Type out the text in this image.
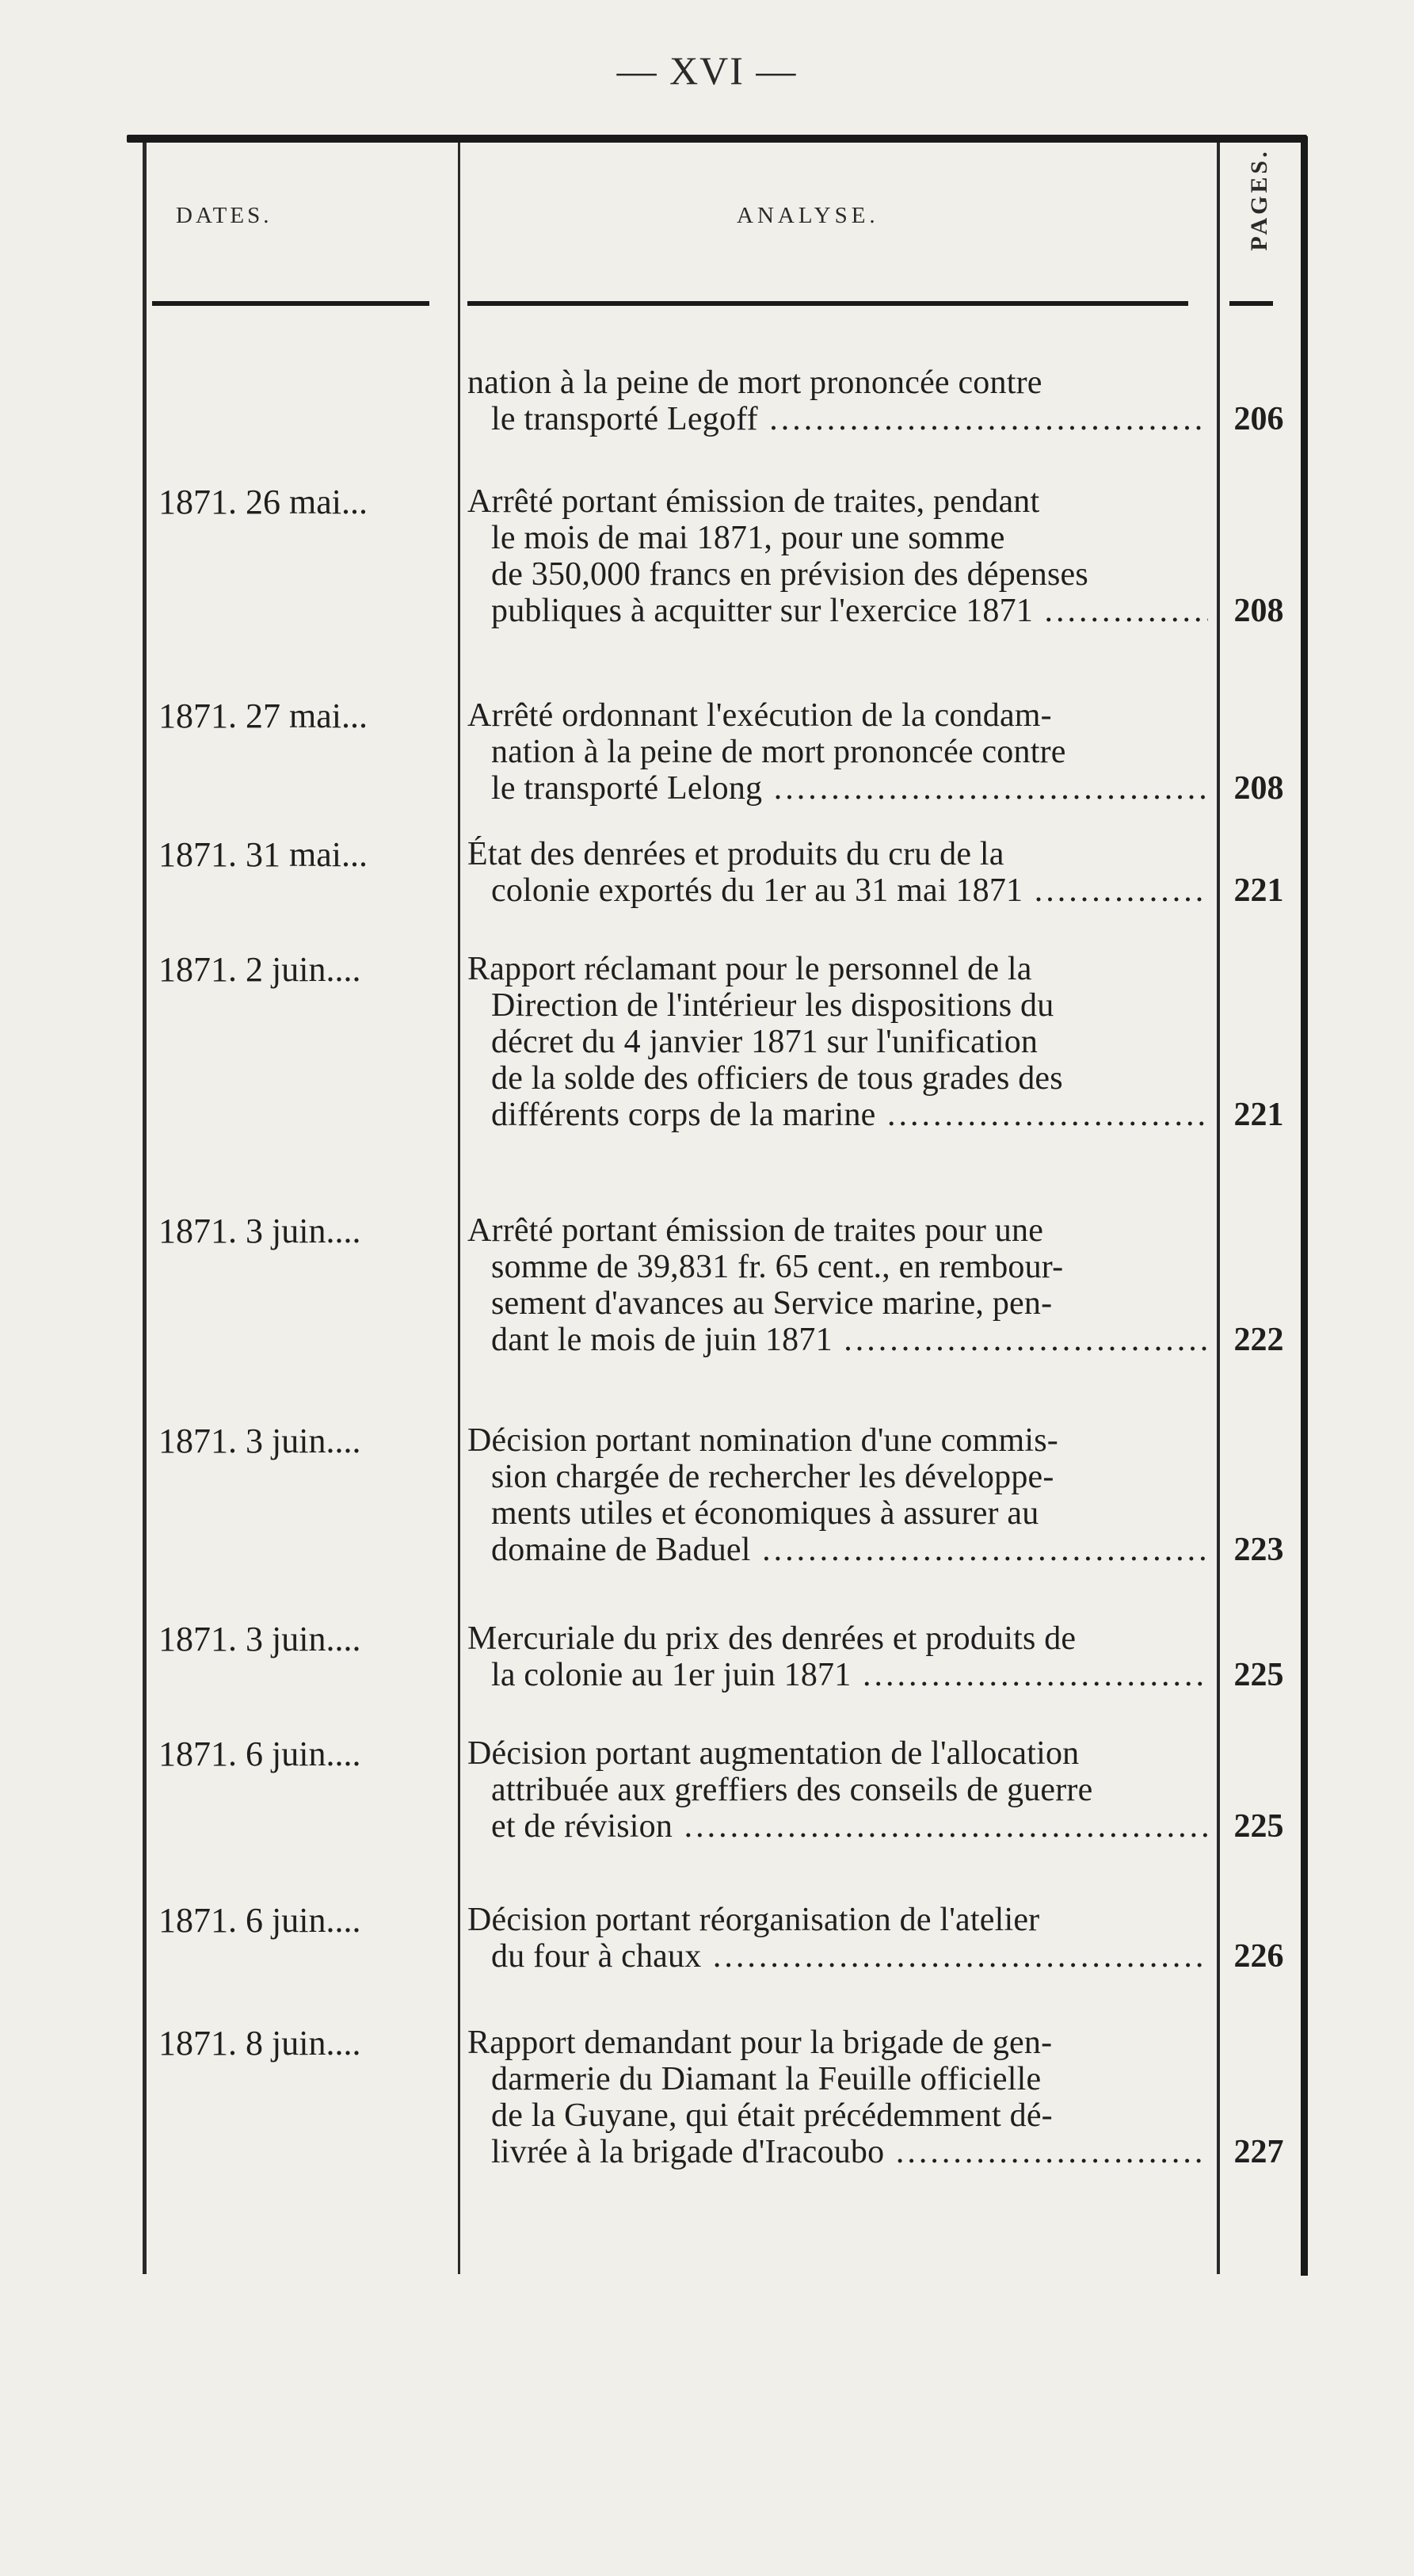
— XVI —
DATES.	ANALYSE.	PAGES.
nation à la peine de mort prononcée contre
le transporté Legoff .....	206
1871. 26 mai...	Arrêté portant émission de traites, pendant
le mois de mai 1871, pour une somme
de 350,000 francs en prévision des dépenses
publiques à acquitter sur l'exercice 1871 .....	208
1871. 27 mai...	Arrêté ordonnant l'exécution de la condam-
nation à la peine de mort prononcée contre
le transporté Lelong .....	208
1871. 31 mai...	État des denrées et produits du cru de la
colonie exportés du 1er au 31 mai 1871 .....	221
1871. 2 juin....	Rapport réclamant pour le personnel de la
Direction de l'intérieur les dispositions du
décret du 4 janvier 1871 sur l'unification
de la solde des officiers de tous grades des
différents corps de la marine .....	221
1871. 3 juin....	Arrêté portant émission de traites pour une
somme de 39,831 fr. 65 cent., en rembour-
sement d'avances au Service marine, pen-
dant le mois de juin 1871 .....	222
1871. 3 juin....	Décision portant nomination d'une commis-
sion chargée de rechercher les développe-
ments utiles et économiques à assurer au
domaine de Baduel .....	223
1871. 3 juin....	Mercuriale du prix des denrées et produits de
la colonie au 1er juin 1871 .....	225
1871. 6 juin....	Décision portant augmentation de l'allocation
attribuée aux greffiers des conseils de guerre
et de révision .....	225
1871. 6 juin....	Décision portant réorganisation de l'atelier
du four à chaux .....	226
1871. 8 juin....	Rapport demandant pour la brigade de gen-
darmerie du Diamant la Feuille officielle
de la Guyane, qui était précédemment dé-
livrée à la brigade d'Iracoubo .....	227
